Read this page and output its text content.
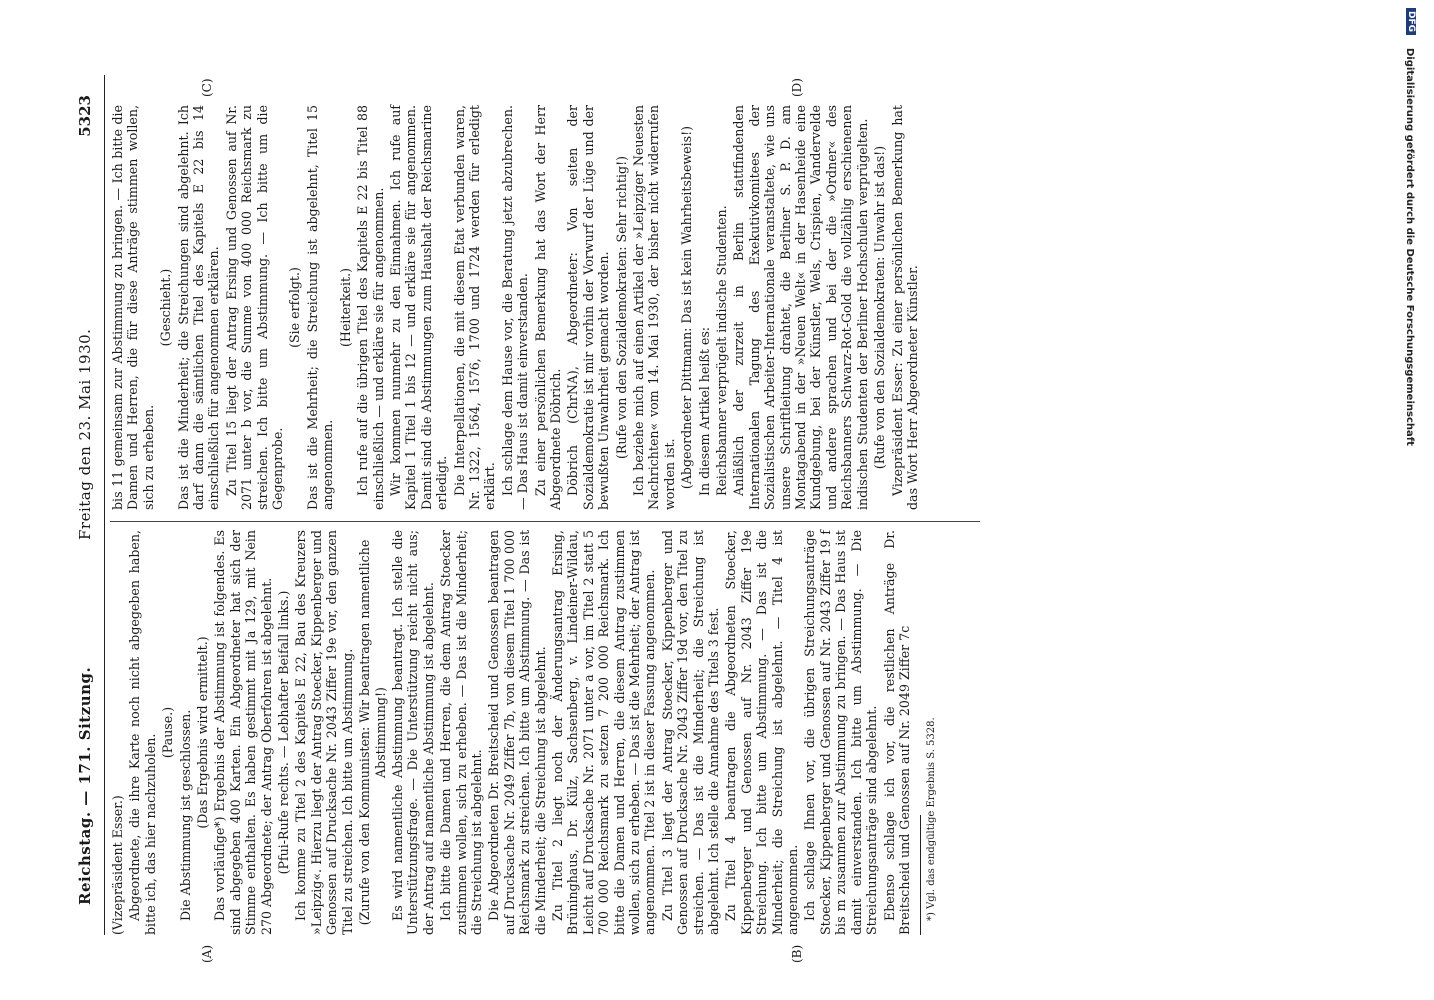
Reichstag. — 171. Sitzung.
Freitag den 23. Mai 1930.
5323
(A)	(B)
(C)	(D)

(Vizepräsident Esser.) Abgeordnete, die ihre Karte noch nicht abgegeben haben, bitte ich, das hier nachzuholen.

(Pause.) Die Abstimmung ist geschlossen. (Das Ergebnis wird ermittelt.) Das vorläufige*) Ergebnis der Abstimmung ist folgendes. Es sind abgegeben 400 Karten. Ein Abgeordneter hat sich der Stimme enthalten. Es haben gestimmt mit Ja 129, mit Nein 270 Abgeordnete; der Antrag Oberfohren ist abgelehnt. (Pfui-Rufe rechts. — Lebhafter Beifall links.) Ich komme zu Titel 2 des Kapitels E 22, Bau des Kreuzers »Leipzig«. Hierzu liegt der Antrag Stoecker, Kippenberger und Genossen auf Drucksache Nr. 2043 Ziffer 19e vor, den ganzen Titel zu streichen. Ich bitte um Abstimmung. (Zurufe von den Kommunisten: Wir beantragen namentliche Abstimmung!) Es wird namentliche Abstimmung beantragt. Ich stelle die Unterstützungsfrage. — Die Unterstützung reicht nicht aus; der Antrag auf namentliche Abstimmung ist abgelehnt. Ich bitte die Damen und Herren, die dem Antrag Stoecker zustimmen wollen, sich zu erheben. — Das ist die Minderheit; die Streichung ist abgelehnt. Die Abgeordneten Dr. Breitscheid und Genossen beantragen auf Drucksache Nr. 2049 Ziffer 7b, von diesem Titel 1 700 000 Reichsmark zu streichen. Ich bitte um Abstimmung. — Das ist die Minderheit; die Streichung ist abgelehnt. Zu Titel 2 liegt noch der Änderungsantrag Ersing, Brüninghaus, Dr. Külz, Sachsenberg, v. Lindeiner-Wildau, Leicht auf Drucksache Nr. 2071 unter a vor, im Titel 2 statt 5 700 000 Reichsmark zu setzen 7 200 000 Reichsmark. Ich bitte die Damen und Herren, die diesem Antrag zustimmen wollen, sich zu erheben. — Das ist die Mehrheit; der Antrag ist angenommen. Titel 2 ist in dieser Fassung angenommen. Zu Titel 3 liegt der Antrag Stoecker, Kippenberger und Genossen auf Drucksache Nr. 2043 Ziffer 19d vor, den Titel zu streichen. — Das ist die Minderheit; die Streichung ist abgelehnt. Ich stelle die Annahme des Titels 3 fest. Zu Titel 4 beantragen die Abgeordneten Stoecker, Kippenberger und Genossen auf Nr. 2043 Ziffer 19e Streichung. Ich bitte um Abstimmung. — Das ist die Minderheit; die Streichung ist abgelehnt. — Titel 4 ist angenommen. Ich schlage Ihnen vor, die übrigen Streichungsanträge Stoecker, Kippenberger und Genossen auf Nr. 2043 Ziffer 19 f bis m zusammen zur Abstimmung zu bringen. — Das Haus ist damit einverstanden. Ich bitte um Abstimmung. — Die Streichungsanträge sind abgelehnt. Ebenso schlage ich vor, die restlichen Anträge Dr. Breitscheid und Genossen auf Nr. 2049 Ziffer 7c *) Vgl. das endgültige Ergebnis S. 5328.

bis 11 gemeinsam zur Abstimmung zu bringen. — Ich bitte die Damen und Herren, die für diese Anträge stimmen wollen, sich zu erheben.

(Geschieht.) Das ist die Minderheit; die Streichungen sind abgelehnt. Ich darf dann die sämtlichen Titel des Kapitels E 22 bis 14 einschließlich für angenommen erklären. Zu Titel 15 liegt der Antrag Ersing und Genossen auf Nr. 2071 unter b vor, die Summe von 400 000 Reichsmark zu streichen. Ich bitte um Abstimmung. — Ich bitte um die Gegenprobe.

(Sie erfolgt.) Das ist die Mehrheit; die Streichung ist abgelehnt, Titel 15 angenommen.

(Heiterkeit.) Ich rufe auf die übrigen Titel des Kapitels E 22 bis Titel 88 einschließlich — und erkläre sie für angenommen. Wir kommen nunmehr zu den Einnahmen. Ich rufe auf Kapitel 1 Titel 1 bis 12 — und erkläre sie für angenommen. Damit sind die Abstimmungen zum Haushalt der Reichsmarine erledigt. Die Interpellationen, die mit diesem Etat verbunden waren, Nr. 1322, 1564, 1576, 1700 und 1724 werden für erledigt erklärt. Ich schlage dem Hause vor, die Beratung jetzt abzubrechen. — Das Haus ist damit einverstanden. Zu einer persönlichen Bemerkung hat das Wort der Herr Abgeordnete Döbrich. Döbrich (ChrNA), Abgeordneter: Von seiten der Sozialdemokratie ist mir vorhin der Vorwurf der Lüge und der bewußten Unwahrheit gemacht worden. (Rufe von den Sozialdemokraten: Sehr richtig!) Ich beziehe mich auf einen Artikel der »Leipziger Neuesten Nachrichten« vom 14. Mai 1930, der bisher nicht widerrufen worden ist. (Abgeordneter Dittmann: Das ist kein Wahrheitsbeweis!) In diesem Artikel heißt es: Reichsbanner verprügelt indische Studenten. Anläßlich der zurzeit in Berlin stattfindenden Internationalen Tagung des Exekutivkomitees der Sozialistischen Arbeiter-Internationale veranstaltete, wie uns unsere Schriftleitung drahtet, die Berliner S. P. D. am Montagabend in der »Neuen Welt« in der Hasenheide eine Kundgebung, bei der Künstler, Wels, Crispien, Vandervelde und andere sprachen und bei der die »Ordner« des Reichsbanners Schwarz-Rot-Gold die vollzählig erschienenen indischen Studenten der Berliner Hochschulen verprügelten. (Rufe von den Sozialdemokraten: Unwahr ist das!) Vizepräsident Esser: Zu einer persönlichen Bemerkung hat das Wort Herr Abgeordneter Künstler.

DFG
Digitalisierung gefördert durch die Deutsche Forschungsgemeinschaft
